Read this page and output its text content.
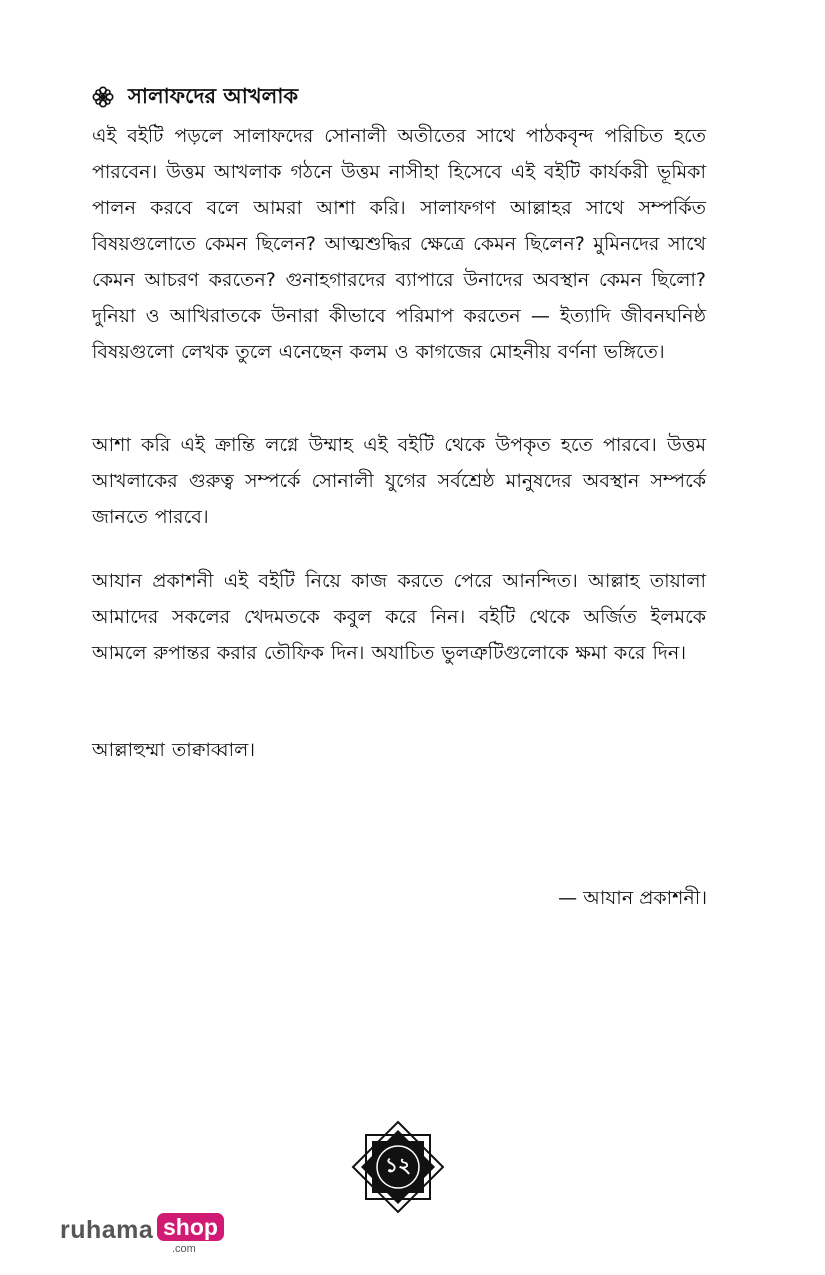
সালাফদের আখলাক

এই বইটি পড়লে সালাফদের সোনালী অতীতের সাথে পাঠকবৃন্দ পরিচিত হতে পারবেন। উত্তম আখলাক গঠনে উত্তম নাসীহা হিসেবে এই বইটি কার্যকরী ভূমিকা পালন করবে বলে আমরা আশা করি। সালাফগণ আল্লাহর সাথে সম্পর্কিত বিষয়গুলোতে কেমন ছিলেন? আত্মশুদ্ধির ক্ষেত্রে কেমন ছিলেন? মুমিনদের সাথে কেমন আচরণ করতেন? গুনাহগারদের ব্যাপারে উনাদের অবস্থান কেমন ছিলো? দুনিয়া ও আখিরাতকে উনারা কীভাবে পরিমাপ করতেন — ইত্যাদি জীবনঘনিষ্ঠ বিষয়গুলো লেখক তুলে এনেছেন কলম ও কাগজের মোহনীয় বর্ণনা ভঙ্গিতে।

আশা করি এই ক্রান্তি লগ্নে উম্মাহ এই বইটি থেকে উপকৃত হতে পারবে। উত্তম আখলাকের গুরুত্ব সম্পর্কে সোনালী যুগের সর্বশ্রেষ্ঠ মানুষদের অবস্থান সম্পর্কে জানতে পারবে।

আযান প্রকাশনী এই বইটি নিয়ে কাজ করতে পেরে আনন্দিত। আল্লাহ তায়ালা আমাদের সকলের খেদমতকে কবুল করে নিন। বইটি থেকে অর্জিত ইলমকে আমলে রুপান্তর করার তৌফিক দিন। অযাচিত ভুলত্রুটিগুলোকে ক্ষমা করে দিন।

আল্লাহুম্মা তাক্বাব্বাল।

— আযান প্রকাশনী।
১২
ruhama shop
.com
